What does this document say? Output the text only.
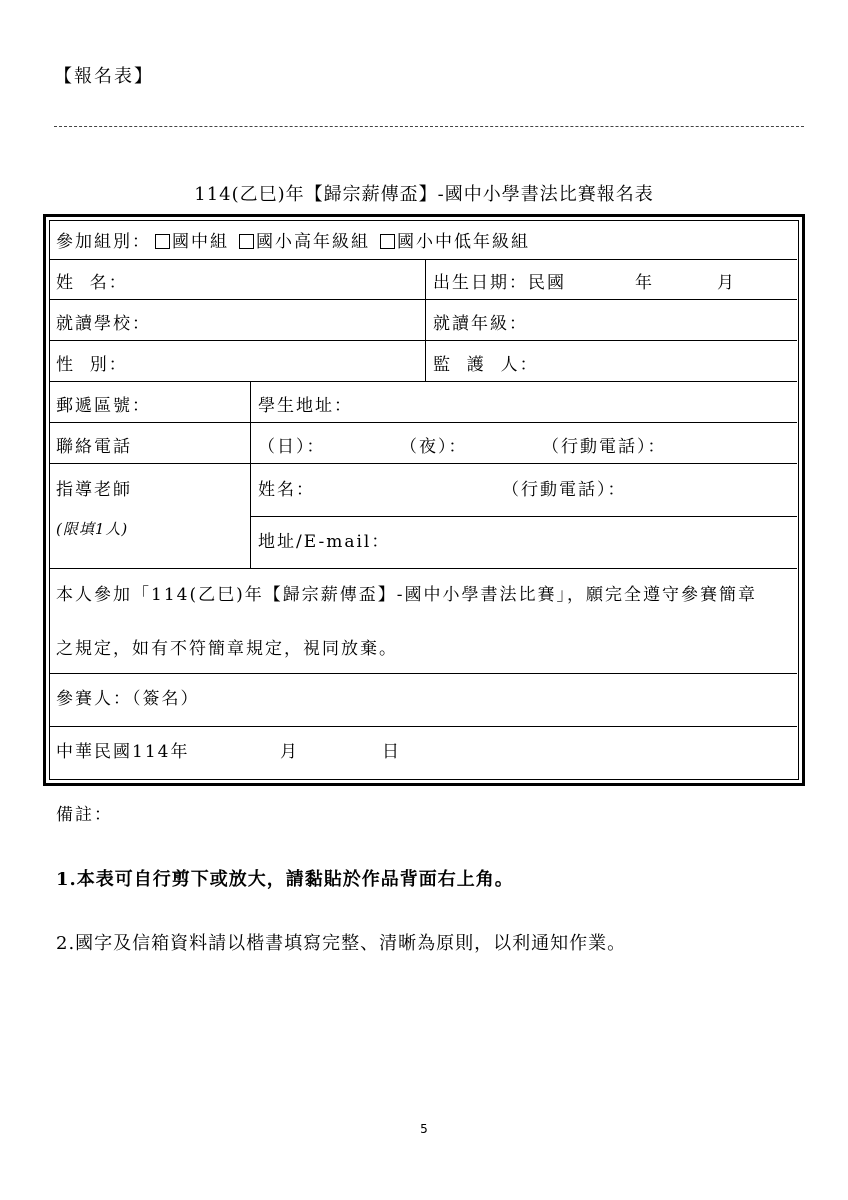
【報名表】
114(乙巳)年【歸宗薪傳盃】-國中小學書法比賽報名表
參加組別： 國中組 國小高年級組 國小中低年級組
姓  名：	出生日期：民國	年	月
就讀學校：	就讀年級：
性  別：	監  護  人：
郵遞區號：	學生地址：
聯絡電話	（日）：	（夜）：	（行動電話）：
指導老師
(限填1人)
姓名：	（行動電話）：
地址/E-mail：
本人參加「114(乙巳)年【歸宗薪傳盃】-國中小學書法比賽」，願完全遵守參賽簡章
之規定，如有不符簡章規定，視同放棄。
參賽人：（簽名）
中華民國114年	月	日
備註：
1.本表可自行剪下或放大，請黏貼於作品背面右上角。
2.國字及信箱資料請以楷書填寫完整、清晰為原則，以利通知作業。
5
